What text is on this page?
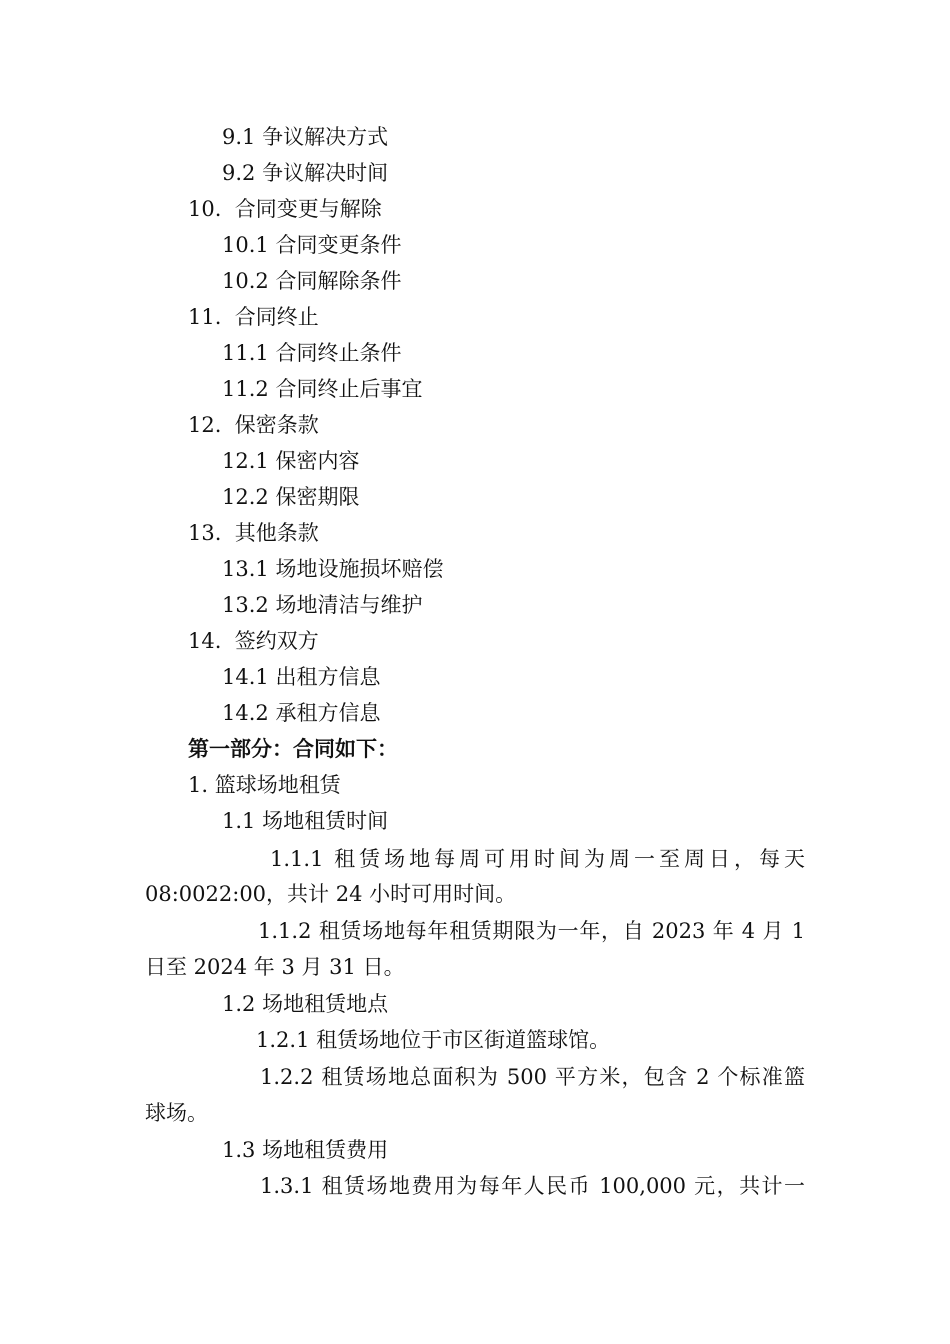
9.1 争议解决方式
9.2 争议解决时间
10. 合同变更与解除
10.1 合同变更条件
10.2 合同解除条件
11. 合同终止
11.1 合同终止条件
11.2 合同终止后事宜
12. 保密条款
12.1 保密内容
12.2 保密期限
13. 其他条款
13.1 场地设施损坏赔偿
13.2 场地清洁与维护
14. 签约双方
14.1 出租方信息
14.2 承租方信息
第一部分：合同如下：
1. 篮球场地租赁
1.1 场地租赁时间
1.1.1 租赁场地每周可用时间为周一至周日，每天
08:0022:00，共计 24 小时可用时间。
1.1.2 租赁场地每年租赁期限为一年，自 2023 年 4 月 1
日至 2024 年 3 月 31 日。
1.2 场地租赁地点
1.2.1 租赁场地位于市区街道篮球馆。
1.2.2 租赁场地总面积为 500 平方米，包含 2 个标准篮
球场。
1.3 场地租赁费用
1.3.1 租赁场地费用为每年人民币 100,000 元，共计一
